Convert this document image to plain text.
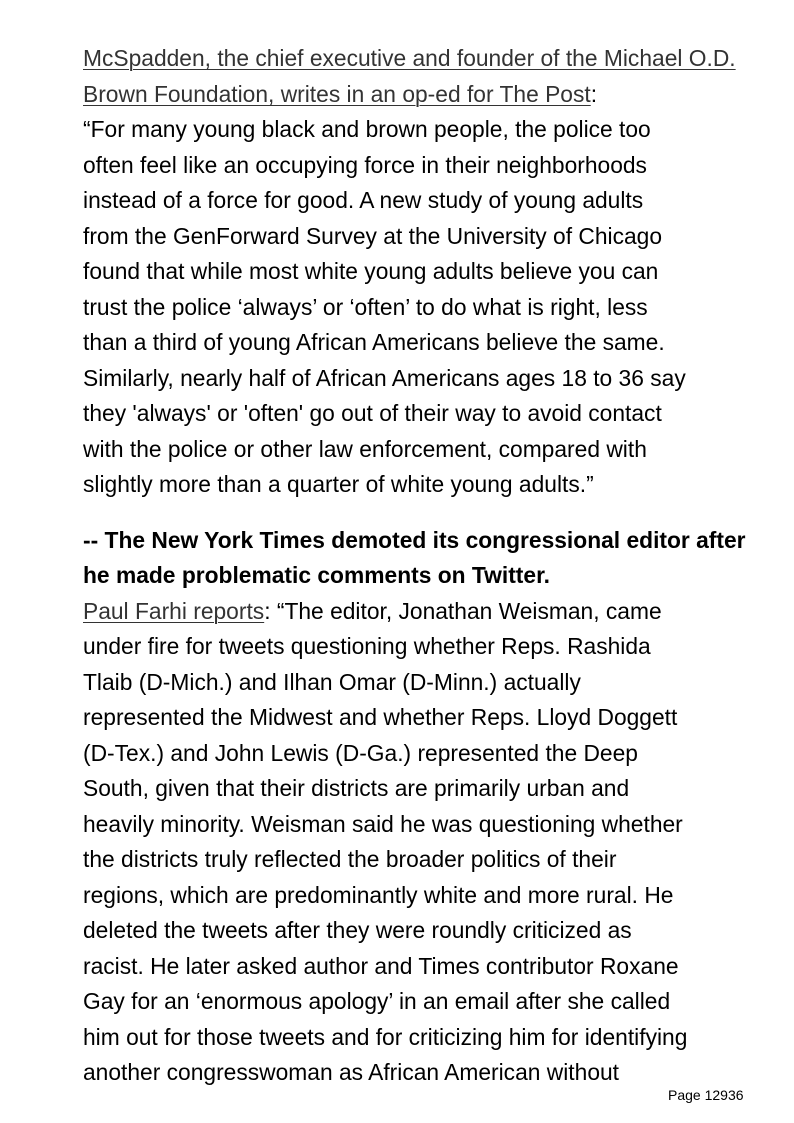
McSpadden, the chief executive and founder of the Michael O.D. Brown Foundation, writes in an op-ed for The Post:
“For many young black and brown people, the police too
often feel like an occupying force in their neighborhoods
instead of a force for good. A new study of young adults
from the GenForward Survey at the University of Chicago
found that while most white young adults believe you can
trust the police ‘always’ or ‘often’ to do what is right, less
than a third of young African Americans believe the same.
Similarly, nearly half of African Americans ages 18 to 36 say
they 'always' or 'often' go out of their way to avoid contact
with the police or other law enforcement, compared with
slightly more than a quarter of white young adults.”

-- The New York Times demoted its congressional editor after he made problematic comments on Twitter.
Paul Farhi reports: “The editor, Jonathan Weisman, came
under fire for tweets questioning whether Reps. Rashida
Tlaib (D-Mich.) and Ilhan Omar (D-Minn.) actually
represented the Midwest and whether Reps. Lloyd Doggett
(D-Tex.) and John Lewis (D-Ga.) represented the Deep
South, given that their districts are primarily urban and
heavily minority. Weisman said he was questioning whether
the districts truly reflected the broader politics of their
regions, which are predominantly white and more rural. He
deleted the tweets after they were roundly criticized as
racist. He later asked author and Times contributor Roxane
Gay for an ‘enormous apology’ in an email after she called
him out for those tweets and for criticizing him for identifying
another congresswoman as African American without

Page 12936
